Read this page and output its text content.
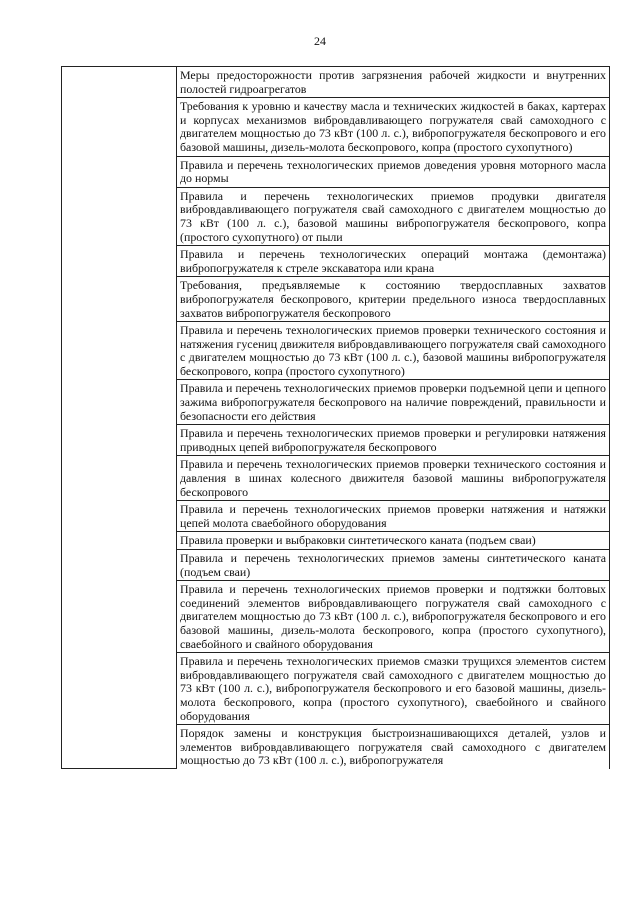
24

Меры предосторожности против загрязнения рабочей жидкости и внутренних полостей гидроагрегатов

Требования к уровню и качеству масла и технических жидкостей в баках, картерах и корпусах механизмов вибровдавливающего погружателя свай самоходного с двигателем мощностью до 73 кВт (100 л. с.), вибропогружателя бескопрового и его базовой машины, дизель-молота бескопрового, копра (простого сухопутного)

Правила и перечень технологических приемов доведения уровня моторного масла до нормы

Правила и перечень технологических приемов продувки двигателя вибровдавливающего погружателя свай самоходного с двигателем мощностью до 73 кВт (100 л. с.), базовой машины вибропогружателя бескопрового, копра (простого сухопутного) от пыли

Правила и перечень технологических операций монтажа (демонтажа) вибропогружателя к стреле экскаватора или крана

Требования, предъявляемые к состоянию твердосплавных захватов вибропогружателя бескопрового, критерии предельного износа твердосплавных захватов вибропогружателя бескопрового

Правила и перечень технологических приемов проверки технического состояния и натяжения гусениц движителя вибровдавливающего погружателя свай самоходного с двигателем мощностью до 73 кВт (100 л. с.), базовой машины вибропогружателя бескопрового, копра (простого сухопутного)

Правила и перечень технологических приемов проверки подъемной цепи и цепного зажима вибропогружателя бескопрового на наличие повреждений, правильности и безопасности его действия

Правила и перечень технологических приемов проверки и регулировки натяжения приводных цепей вибропогружателя бескопрового

Правила и перечень технологических приемов проверки технического состояния и давления в шинах колесного движителя базовой машины вибропогружателя бескопрового

Правила и перечень технологических приемов проверки натяжения и натяжки цепей молота сваебойного оборудования

Правила проверки и выбраковки синтетического каната (подъем сваи)

Правила и перечень технологических приемов замены синтетического каната (подъем сваи)

Правила и перечень технологических приемов проверки и подтяжки болтовых соединений элементов вибровдавливающего погружателя свай самоходного с двигателем мощностью до 73 кВт (100 л. с.), вибропогружателя бескопрового и его базовой машины, дизель-молота бескопрового, копра (простого сухопутного), сваебойного и свайного оборудования

Правила и перечень технологических приемов смазки трущихся элементов систем вибровдавливающего погружателя свай самоходного с двигателем мощностью до 73 кВт (100 л. с.), вибропогружателя бескопрового и его базовой машины, дизель-молота бескопрового, копра (простого сухопутного), сваебойного и свайного оборудования

Порядок замены и конструкция быстроизнашивающихся деталей, узлов и элементов вибровдавливающего погружателя свай самоходного с двигателем мощностью до 73 кВт (100 л. с.), вибропогружателя
